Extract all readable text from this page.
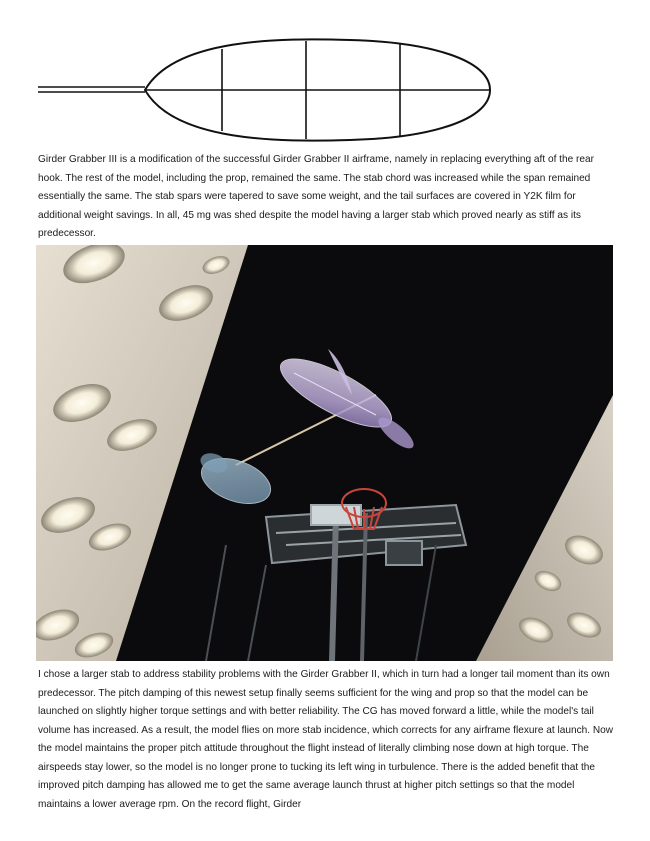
Girder Grabber III is a modification of the successful Girder Grabber II airframe, namely in replacing everything aft of the rear hook. The rest of the model, including the prop, remained the same. The stab chord was increased while the span remained essentially the same. The stab spars were tapered to save some weight, and the tail surfaces are covered in Y2K film for additional weight savings. In all, 45 mg was shed despite the model having a larger stab which proved nearly as stiff as its predecessor.

I chose a larger stab to address stability problems with the Girder Grabber II, which in turn had a longer tail moment than its own predecessor. The pitch damping of this newest setup finally seems sufficient for the wing and prop so that the model can be launched on slightly higher torque settings and with better reliability. The CG has moved forward a little, while the model's tail volume has increased. As a result, the model flies on more stab incidence, which corrects for any airframe flexure at launch. Now the model maintains the proper pitch attitude throughout the flight instead of literally climbing nose down at high torque. The airspeeds stay lower, so the model is no longer prone to tucking its left wing in turbulence. There is the added benefit that the improved pitch damping has allowed me to get the same average launch thrust at higher pitch settings so that the model maintains a lower average rpm. On the record flight, Girder
